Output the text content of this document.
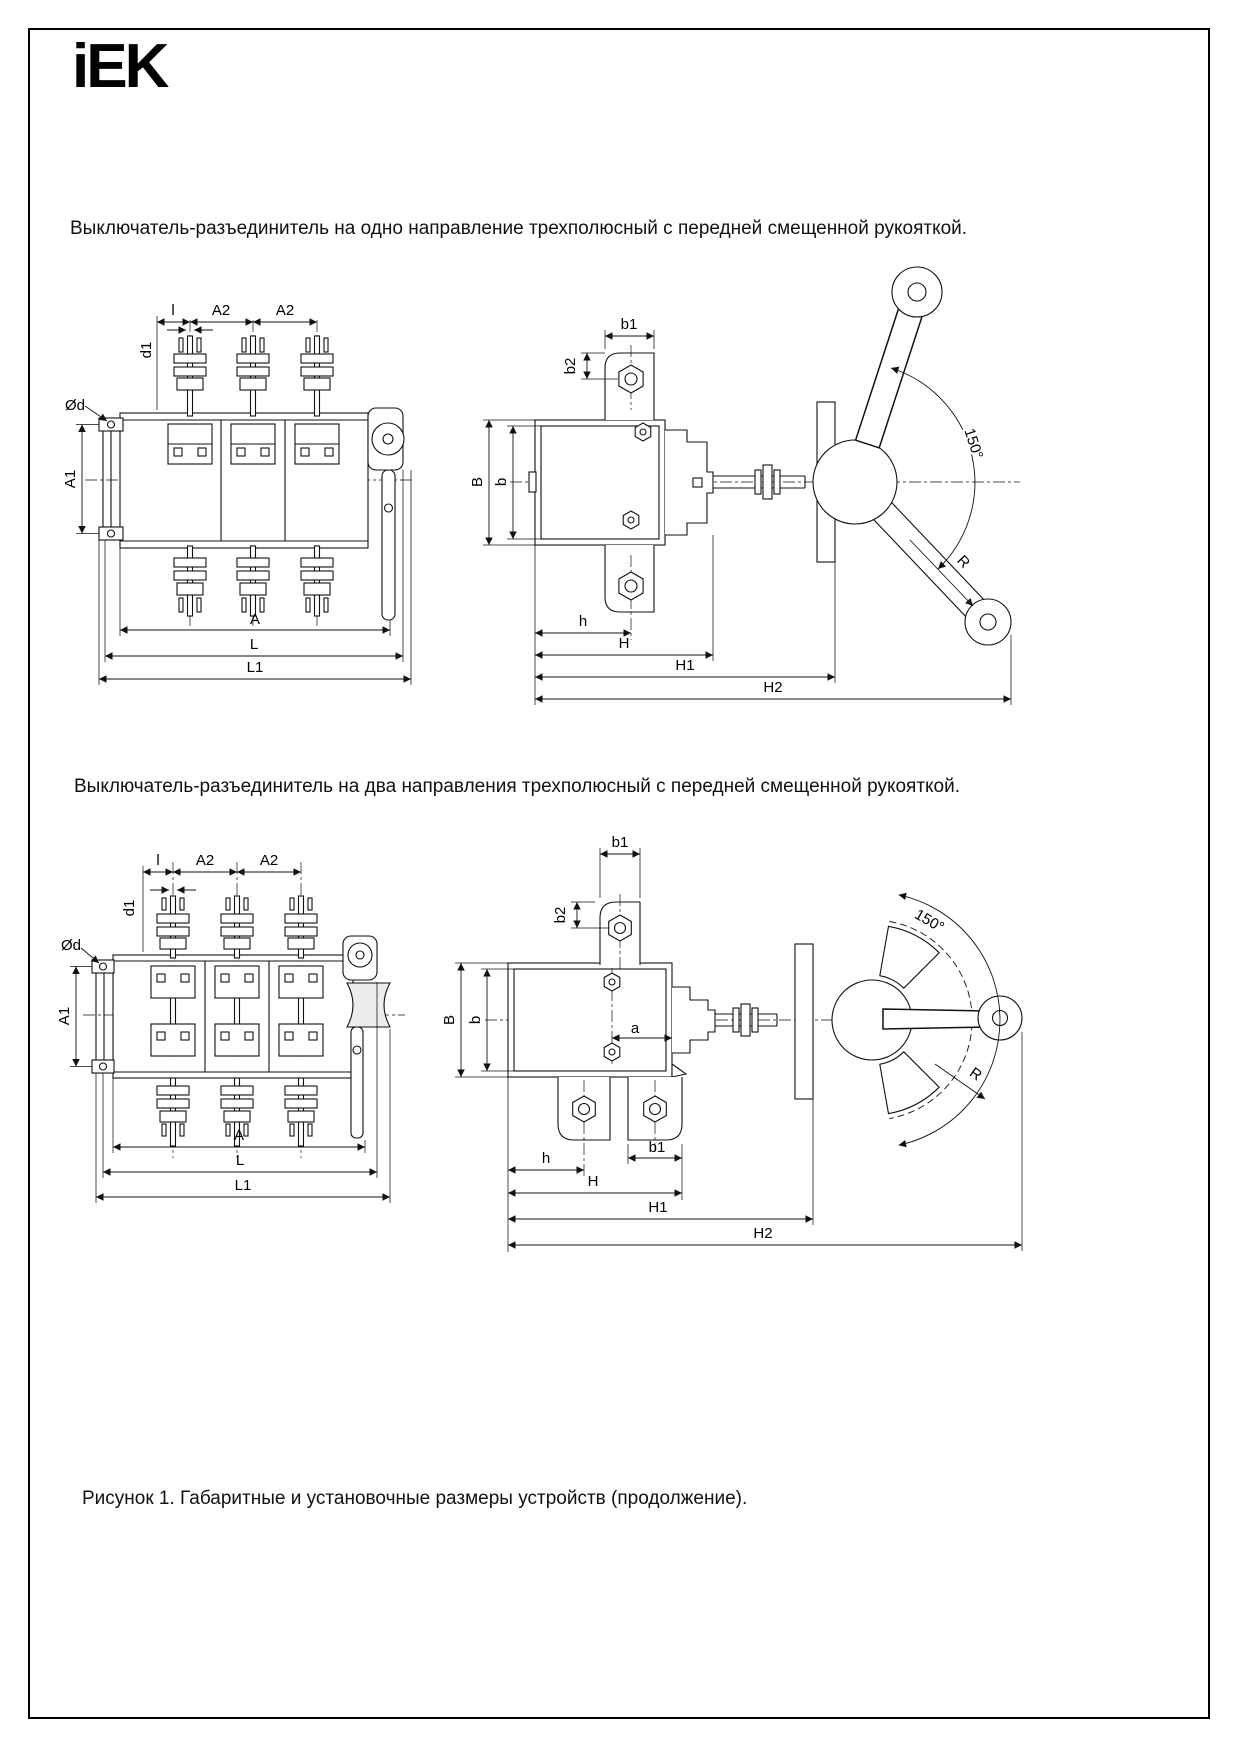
iEK
Выключатель-разъединитель на одно направление трехполюсный с передней смещенной рукояткой.
Выключатель-разъединитель на два направления трехполюсный с передней смещенной рукояткой.
Рисунок 1. Габаритные и установочные размеры устройств (продолжение).
l A2	A2
d1
Ød
A1
A
L
L1
150°
R
b1
b2
B b
h
H
H1
H2
l A2	A2
d1
Ød
A1
A
L
L1
150°
R
b1
b2
B b	a
b1
h
H
H1
H2
